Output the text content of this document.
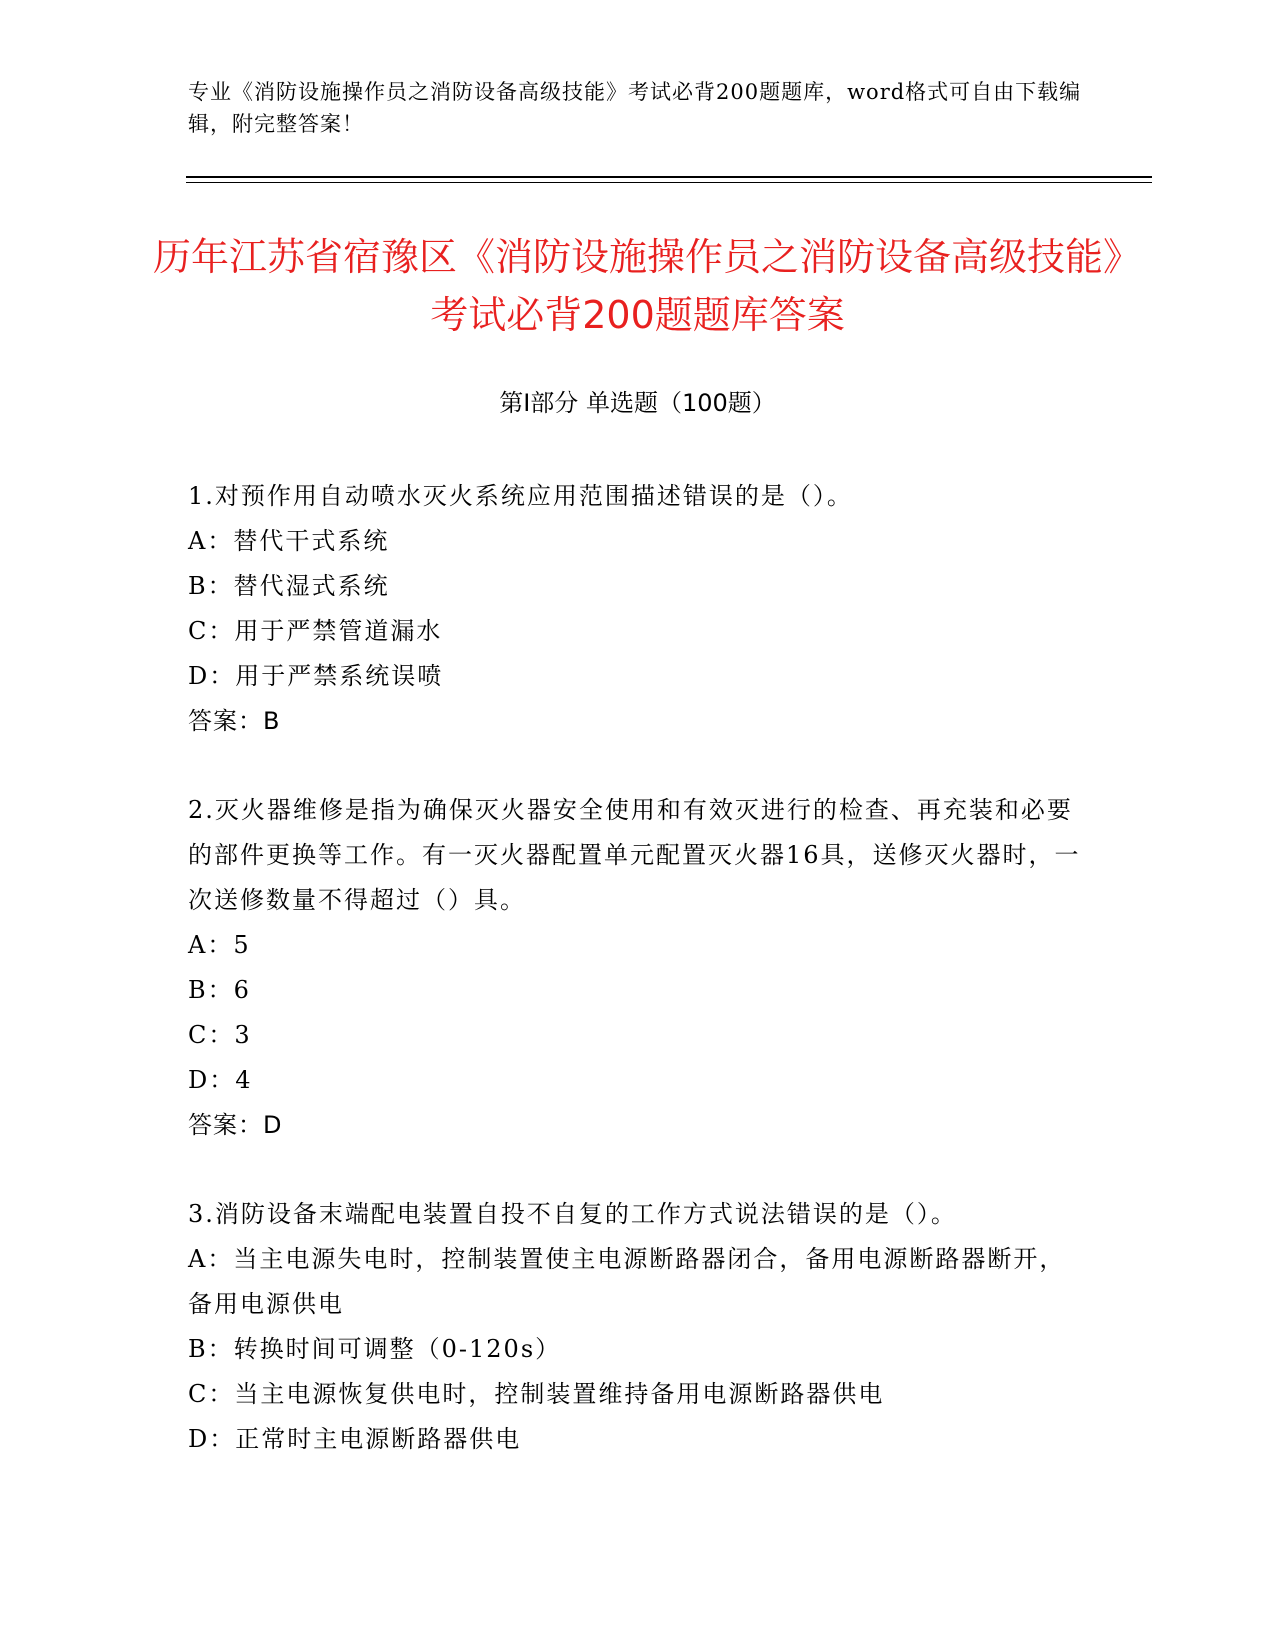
专业《消防设施操作员之消防设备高级技能》考试必背200题题库，word格式可自由下载编辑，附完整答案！
历年江苏省宿豫区《消防设施操作员之消防设备高级技能》考试必背200题题库答案
第Ⅰ部分 单选题（100题）

1.对预作用自动喷水灭火系统应用范围描述错误的是（）。

A：替代干式系统

B：替代湿式系统

C：用于严禁管道漏水

D：用于严禁系统误喷

答案：B

2.灭火器维修是指为确保灭火器安全使用和有效灭进行的检查、再充装和必要的部件更换等工作。有一灭火器配置单元配置灭火器16具，送修灭火器时，一次送修数量不得超过（）具。

A：5

B：6

C：3

D：4

答案：D

3.消防设备末端配电装置自投不自复的工作方式说法错误的是（）。

A：当主电源失电时，控制装置使主电源断路器闭合，备用电源断路器断开，备用电源供电

B：转换时间可调整（0-120s）

C：当主电源恢复供电时，控制装置维持备用电源断路器供电

D：正常时主电源断路器供电
